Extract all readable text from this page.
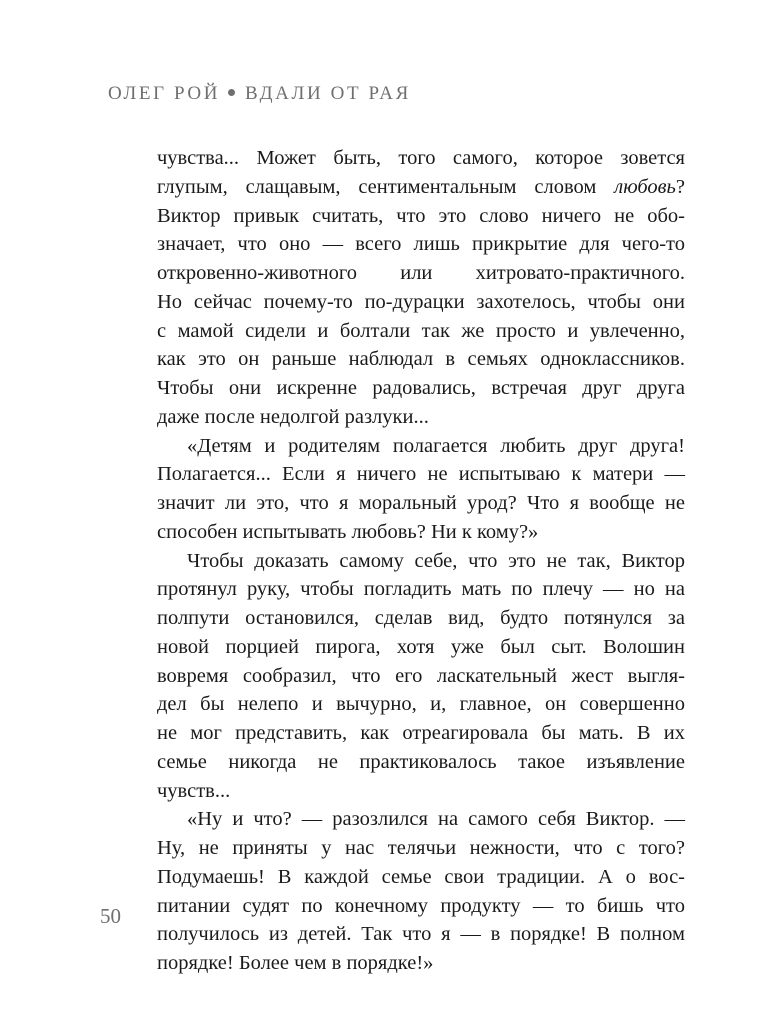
ОЛЕГ РОЙ ВДАЛИ ОТ РАЯ
чувства... Может быть, того самого, которое зовется
глупым, слащавым, сентиментальным словом любовь?
Виктор привык считать, что это слово ничего не обо-
значает, что оно — всего лишь прикрытие для чего-то
откровенно-животного или хитровато-практичного.
Но сейчас почему-то по-дурацки захотелось, чтобы они
с мамой сидели и болтали так же просто и увлеченно,
как это он раньше наблюдал в семьях одноклассников.
Чтобы они искренне радовались, встречая друг друга
даже после недолгой разлуки...
«Детям и родителям полагается любить друг друга!
Полагается... Если я ничего не испытываю к матери —
значит ли это, что я моральный урод? Что я вообще не
способен испытывать любовь? Ни к кому?»
Чтобы доказать самому себе, что это не так, Виктор
протянул руку, чтобы погладить мать по плечу — но на
полпути остановился, сделав вид, будто потянулся за
новой порцией пирога, хотя уже был сыт. Волошин
вовремя сообразил, что его ласкательный жест выгля-
дел бы нелепо и вычурно, и, главное, он совершенно
не мог представить, как отреагировала бы мать. В их
семье никогда не практиковалось такое изъявление
чувств...
«Ну и что? — разозлился на самого себя Виктор. —
Ну, не приняты у нас телячьи нежности, что с того?
Подумаешь! В каждой семье свои традиции. А о вос-
питании судят по конечному продукту — то бишь что
получилось из детей. Так что я — в порядке! В полном
порядке! Более чем в порядке!»
50
